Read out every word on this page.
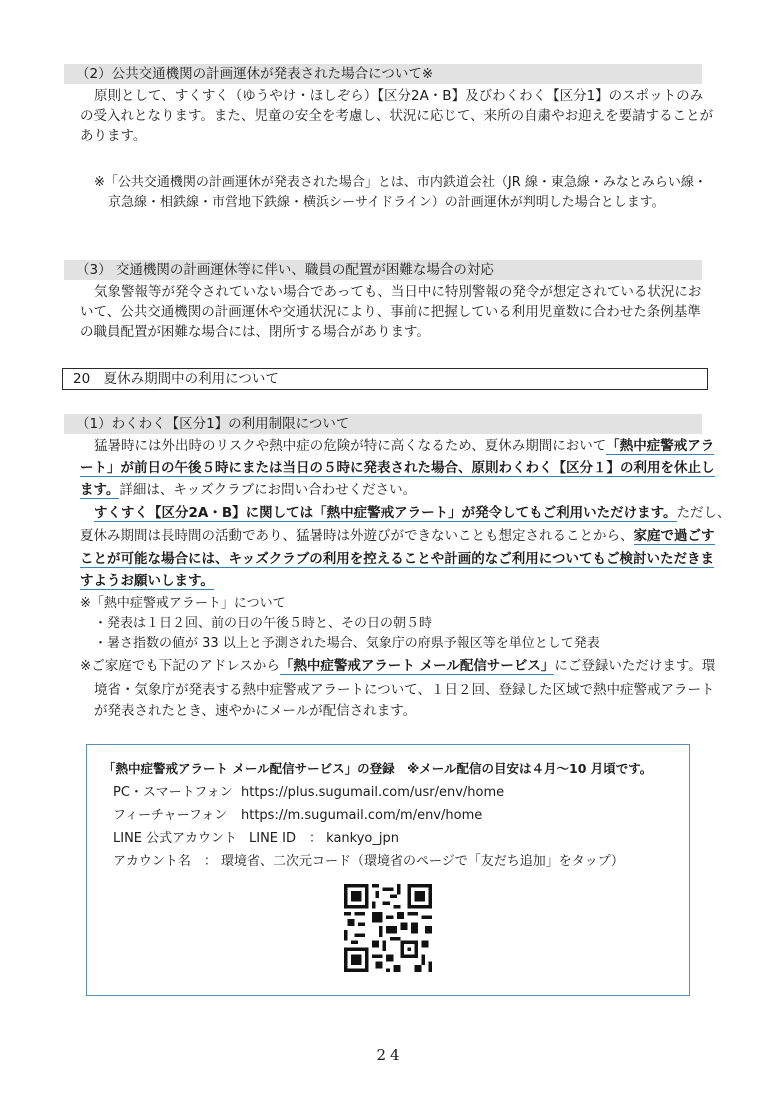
（2）公共交通機関の計画運休が発表された場合について※
原則として、すくすく（ゆうやけ・ほしぞら）【区分2A・B】及びわくわく【区分1】のスポットのみ
の受入れとなります。また、児童の安全を考慮し、状況に応じて、来所の自粛やお迎えを要請することが
あります。
※「公共交通機関の計画運休が発表された場合」とは、市内鉄道会社（JR 線・東急線・みなとみらい線・
京急線・相鉄線・市営地下鉄線・横浜シーサイドライン）の計画運休が判明した場合とします。
（3） 交通機関の計画運休等に伴い、職員の配置が困難な場合の対応
気象警報等が発令されていない場合であっても、当日中に特別警報の発令が想定されている状況にお
いて、公共交通機関の計画運休や交通状況により、事前に把握している利用児童数に合わせた条例基準
の職員配置が困難な場合には、閉所する場合があります。
20　夏休み期間中の利用について
（1）わくわく【区分1】の利用制限について
猛暑時には外出時のリスクや熱中症の危険が特に高くなるため、夏休み期間において「熱中症警戒アラ
ート」が前日の午後５時にまたは当日の５時に発表された場合、原則わくわく【区分１】の利用を休止し
ます。詳細は、キッズクラブにお問い合わせください。
すくすく【区分2A・B】に関しては「熱中症警戒アラート」が発令してもご利用いただけます。ただし、
夏休み期間は長時間の活動であり、猛暑時は外遊びができないことも想定されることから、家庭で過ごす
ことが可能な場合には、キッズクラブの利用を控えることや計画的なご利用についてもご検討いただきま
すようお願いします。
※「熱中症警戒アラート」について
・発表は１日２回、前の日の午後５時と、その日の朝５時
・暑さ指数の値が 33 以上と予測された場合、気象庁の府県予報区等を単位として発表
※ご家庭でも下記のアドレスから「熱中症警戒アラート メール配信サービス」にご登録いただけます。環
境省・気象庁が発表する熱中症警戒アラートについて、１日２回、登録した区域で熱中症警戒アラート
が発表されたとき、速やかにメールが配信されます。
「熱中症警戒アラート メール配信サービス」の登録　※メール配信の目安は４月～10 月頃です。
PC・スマートフォン https://plus.sugumail.com/usr/env/home
フィーチャーフォン https://m.sugumail.com/m/env/home
LINE 公式アカウント LINE ID　： kankyo_jpn
アカウント名　： 環境省、二次元コード（環境省のページで「友だち追加」をタップ）
24
